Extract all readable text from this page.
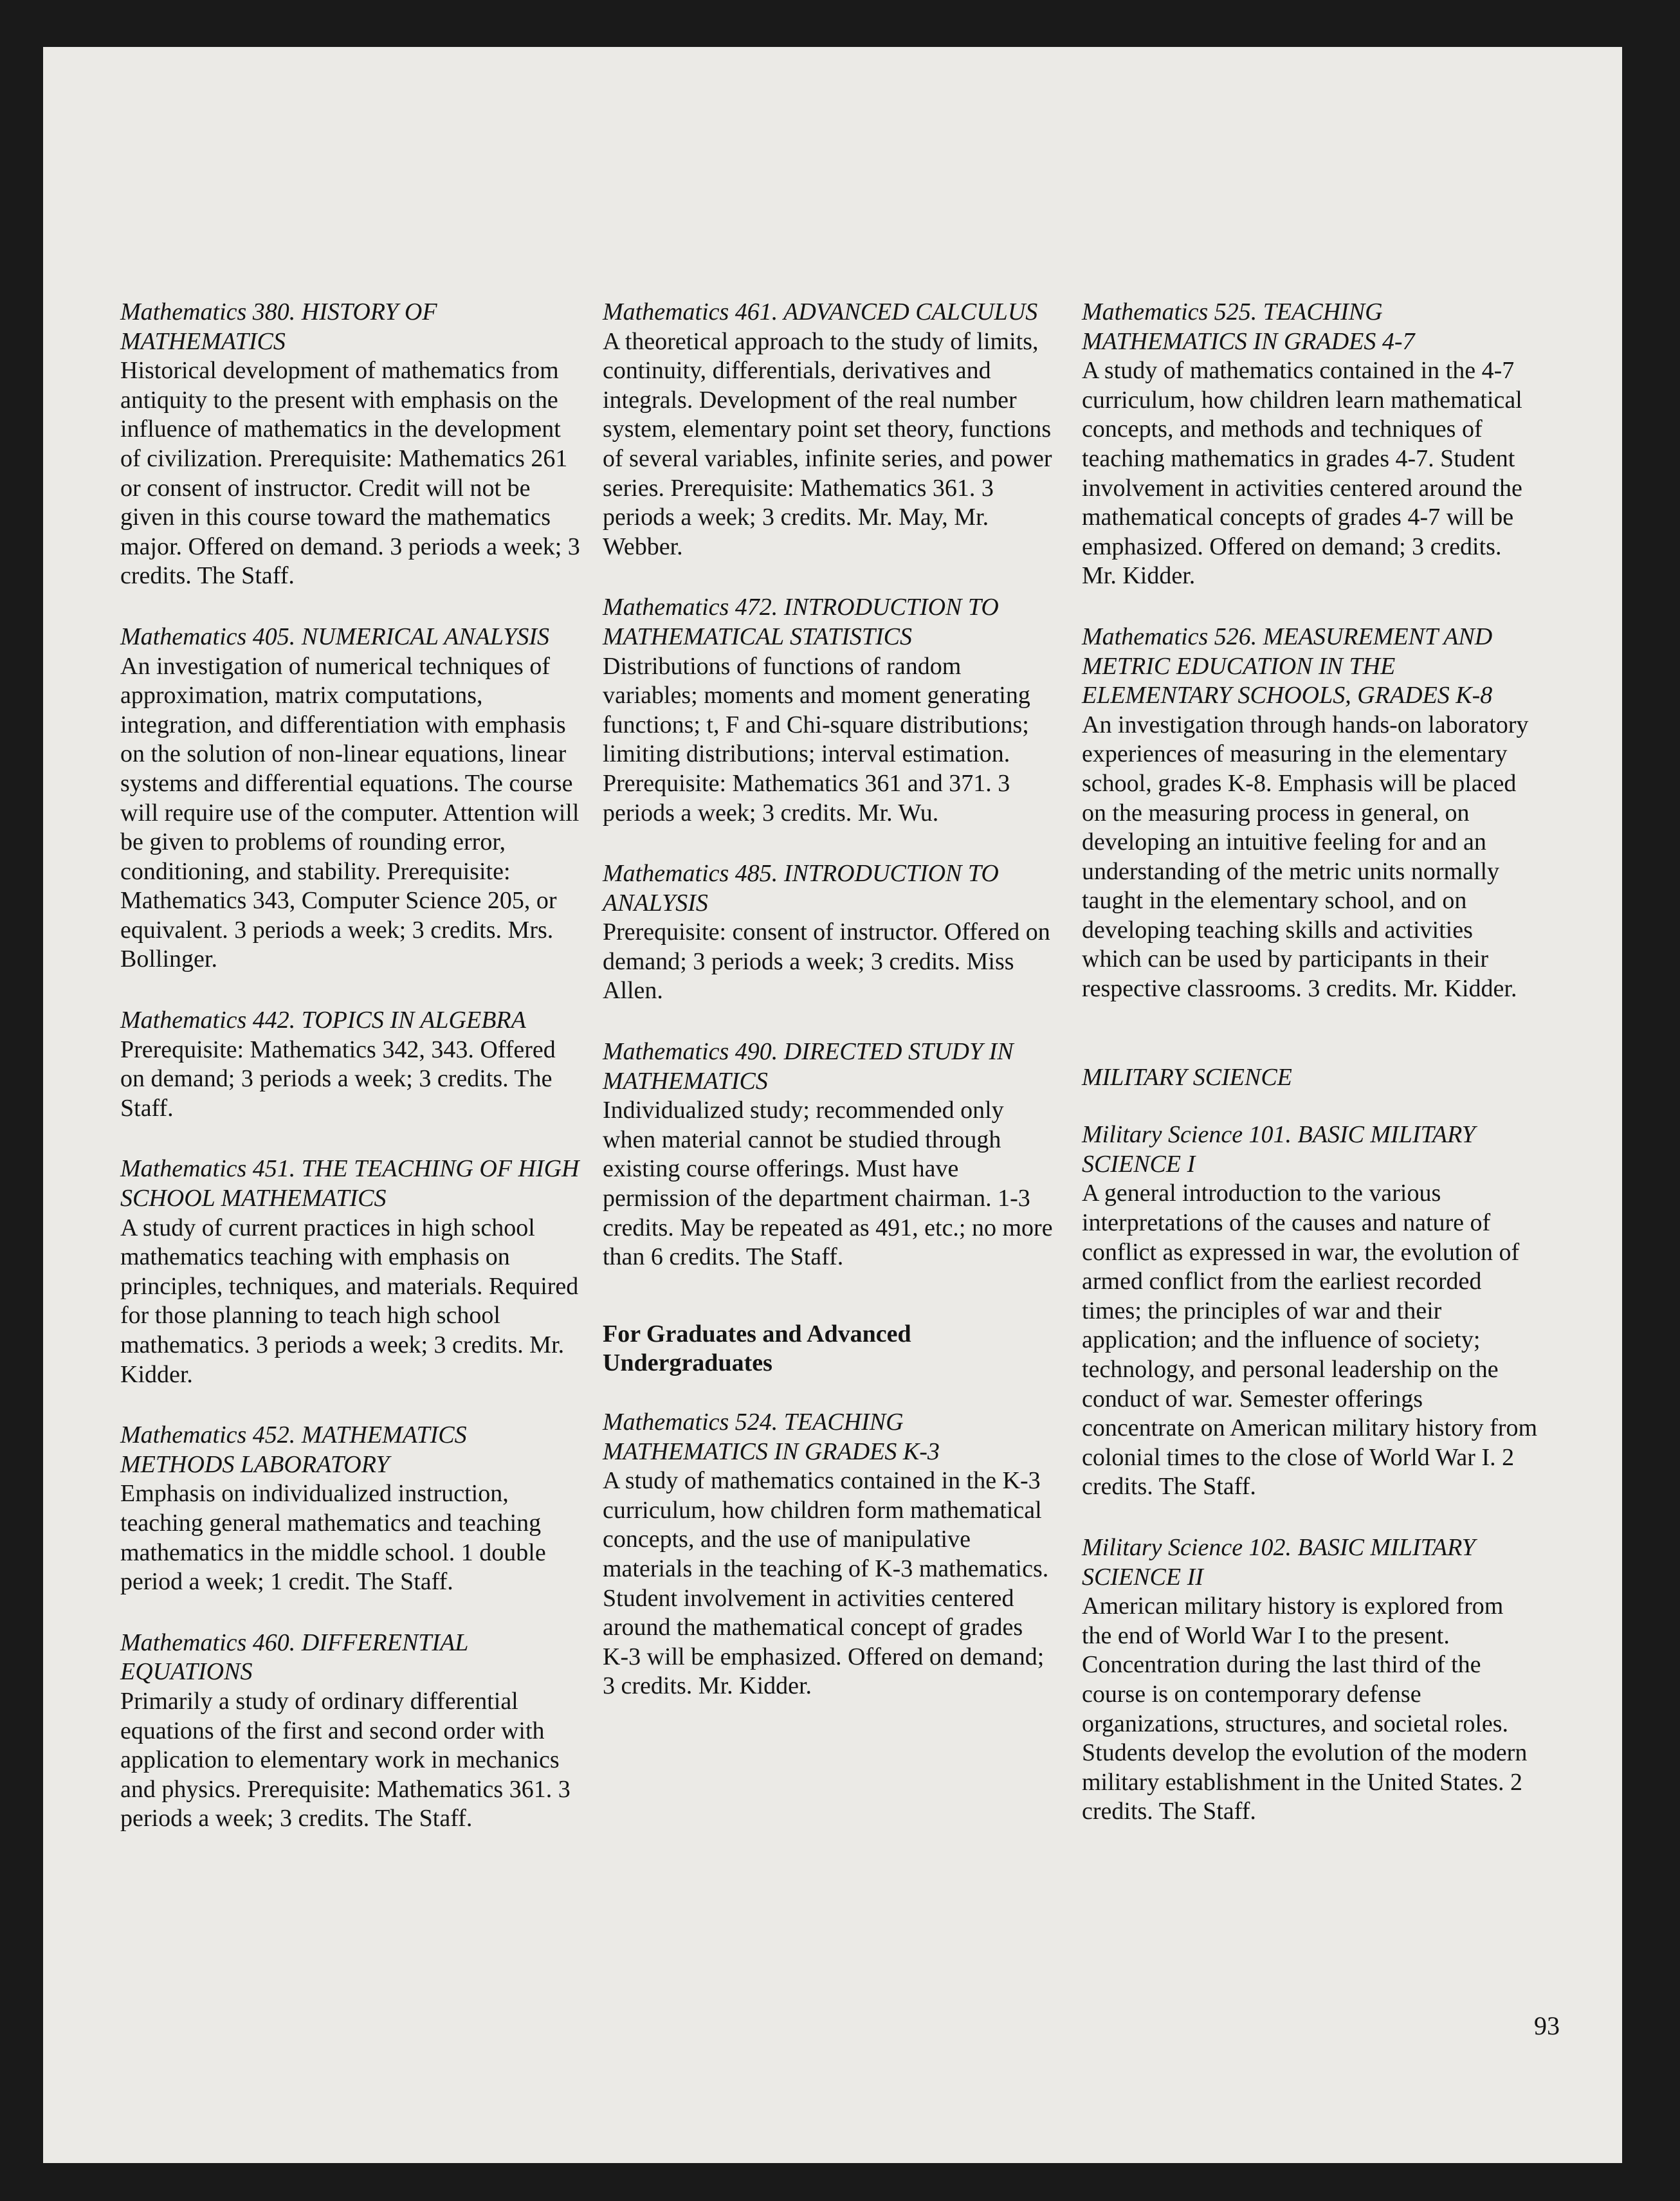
Mathematics 380. HISTORY OF MATHEMATICS
Historical development of mathematics from antiquity to the present with emphasis on the influence of mathematics in the development of civilization. Prerequisite: Mathematics 261 or consent of instructor. Credit will not be given in this course toward the mathematics major. Offered on demand. 3 periods a week; 3 credits. The Staff.
Mathematics 405. NUMERICAL ANALYSIS
An investigation of numerical techniques of approximation, matrix computations, integration, and differentiation with emphasis on the solution of non-linear equations, linear systems and differential equations. The course will require use of the computer. Attention will be given to problems of rounding error, conditioning, and stability. Prerequisite: Mathematics 343, Computer Science 205, or equivalent. 3 periods a week; 3 credits. Mrs. Bollinger.
Mathematics 442. TOPICS IN ALGEBRA
Prerequisite: Mathematics 342, 343. Offered on demand; 3 periods a week; 3 credits. The Staff.
Mathematics 451. THE TEACHING OF HIGH SCHOOL MATHEMATICS
A study of current practices in high school mathematics teaching with emphasis on principles, techniques, and materials. Required for those planning to teach high school mathematics. 3 periods a week; 3 credits. Mr. Kidder.
Mathematics 452. MATHEMATICS METHODS LABORATORY
Emphasis on individualized instruction, teaching general mathematics and teaching mathematics in the middle school. 1 double period a week; 1 credit. The Staff.
Mathematics 460. DIFFERENTIAL EQUATIONS
Primarily a study of ordinary differential equations of the first and second order with application to elementary work in mechanics and physics. Prerequisite: Mathematics 361. 3 periods a week; 3 credits. The Staff.
Mathematics 461. ADVANCED CALCULUS
A theoretical approach to the study of limits, continuity, differentials, derivatives and integrals. Development of the real number system, elementary point set theory, functions of several variables, infinite series, and power series. Prerequisite: Mathematics 361. 3 periods a week; 3 credits. Mr. May, Mr. Webber.
Mathematics 472. INTRODUCTION TO MATHEMATICAL STATISTICS
Distributions of functions of random variables; moments and moment generating functions; t, F and Chi-square distributions; limiting distributions; interval estimation. Prerequisite: Mathematics 361 and 371. 3 periods a week; 3 credits. Mr. Wu.
Mathematics 485. INTRODUCTION TO ANALYSIS
Prerequisite: consent of instructor. Offered on demand; 3 periods a week; 3 credits. Miss Allen.
Mathematics 490. DIRECTED STUDY IN MATHEMATICS
Individualized study; recommended only when material cannot be studied through existing course offerings. Must have permission of the department chairman. 1-3 credits. May be repeated as 491, etc.; no more than 6 credits. The Staff.
For Graduates and Advanced Undergraduates
Mathematics 524. TEACHING MATHEMATICS IN GRADES K-3
A study of mathematics contained in the K-3 curriculum, how children form mathematical concepts, and the use of manipulative materials in the teaching of K-3 mathematics. Student involvement in activities centered around the mathematical concept of grades K-3 will be emphasized. Offered on demand; 3 credits. Mr. Kidder.
Mathematics 525. TEACHING MATHEMATICS IN GRADES 4-7
A study of mathematics contained in the 4-7 curriculum, how children learn mathematical concepts, and methods and techniques of teaching mathematics in grades 4-7. Student involvement in activities centered around the mathematical concepts of grades 4-7 will be emphasized. Offered on demand; 3 credits. Mr. Kidder.
Mathematics 526. MEASUREMENT AND METRIC EDUCATION IN THE ELEMENTARY SCHOOLS, GRADES K-8
An investigation through hands-on laboratory experiences of measuring in the elementary school, grades K-8. Emphasis will be placed on the measuring process in general, on developing an intuitive feeling for and an understanding of the metric units normally taught in the elementary school, and on developing teaching skills and activities which can be used by participants in their respective classrooms. 3 credits. Mr. Kidder.
MILITARY SCIENCE
Military Science 101. BASIC MILITARY SCIENCE I
A general introduction to the various interpretations of the causes and nature of conflict as expressed in war, the evolution of armed conflict from the earliest recorded times; the principles of war and their application; and the influence of society; technology, and personal leadership on the conduct of war. Semester offerings concentrate on American military history from colonial times to the close of World War I. 2 credits. The Staff.
Military Science 102. BASIC MILITARY SCIENCE II
American military history is explored from the end of World War I to the present. Concentration during the last third of the course is on contemporary defense organizations, structures, and societal roles. Students develop the evolution of the modern military establishment in the United States. 2 credits. The Staff.
93
